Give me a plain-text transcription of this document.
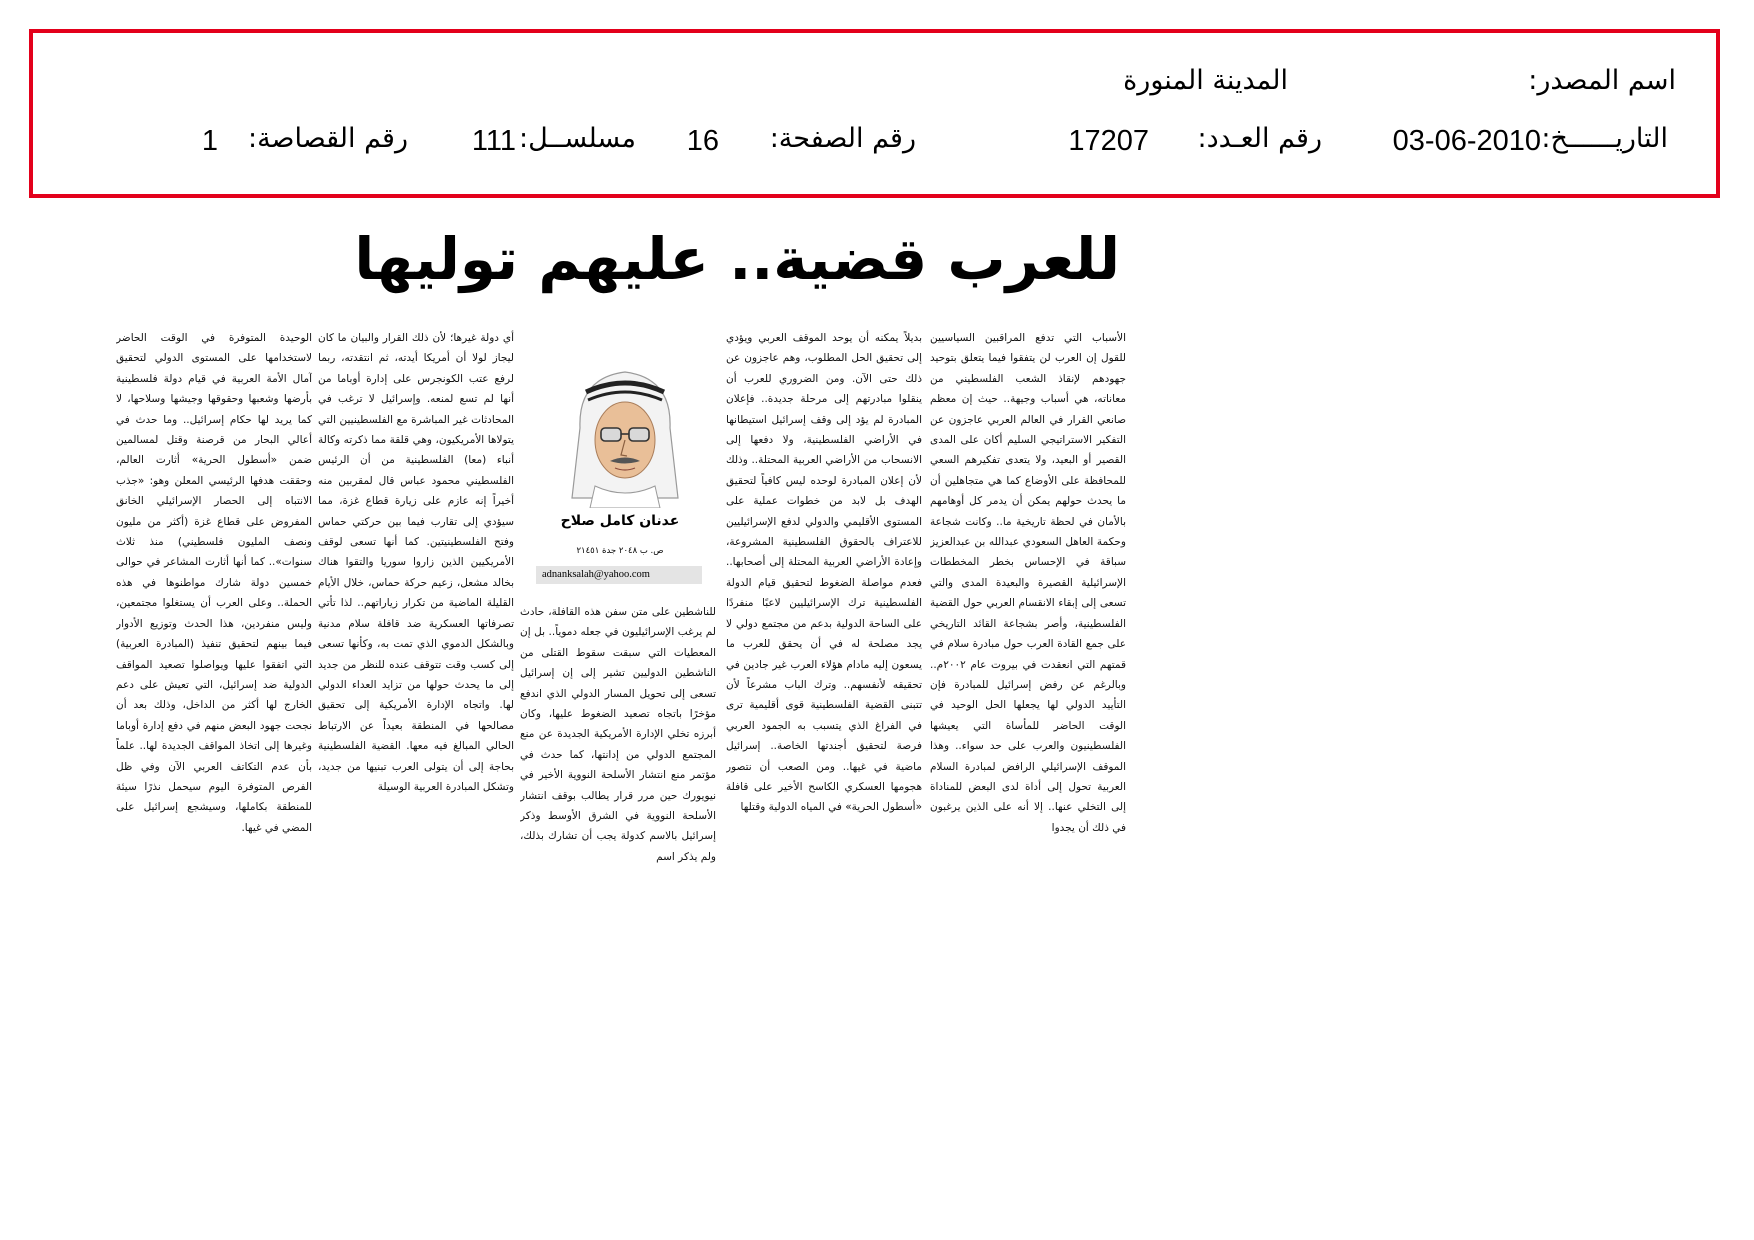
اسم المصدر:
المدينة المنورة
التاريــــــخ:
03-06-2010
رقم العـدد:
17207
رقم الصفحة:
16
مسلســل:
111
رقم القصاصة:
1
للعرب قضية.. عليهم توليها
الأسباب التي تدفع المراقبين السياسيين للقول إن العرب لن يتفقوا فيما يتعلق بتوحيد جهودهم لإنقاذ الشعب الفلسطيني من معاناته، هي أسباب وجيهة.. حيث إن معظم صانعي القرار في العالم العربي عاجزون عن التفكير الاستراتيجي السليم أكان على المدى القصير أو البعيد، ولا يتعدى تفكيرهم السعي للمحافظة على الأوضاع كما هي متجاهلين أن ما يحدث حولهم يمكن أن يدمر كل أوهامهم بالأمان في لحظة تاريخية ما.. وكانت شجاعة وحكمة العاهل السعودي عبدالله بن عبدالعزيز سباقة في الإحساس بخطر المخططات الإسرائيلية القصيرة والبعيدة المدى والتي تسعى إلى إبقاء الانقسام العربي حول القضية الفلسطينية، وأصر بشجاعة القائد التاريخي على جمع القادة العرب حول مبادرة سلام في قمتهم التي انعقدت في بيروت عام ٢٠٠٢م.. وبالرغم عن رفض إسرائيل للمبادرة فإن التأييد الدولي لها يجعلها الحل الوحيد في الوقت الحاضر للمأساة التي يعيشها الفلسطينيون والعرب على حد سواء.. وهذا الموقف الإسرائيلي الرافض لمبادرة السلام العربية تحول إلى أداة لدى البعض للمناداة إلى التخلي عنها.. إلا أنه على الذين يرغبون في ذلك أن يجدوا
بديلاً يمكنه أن يوحد الموقف العربي ويؤدي إلى تحقيق الحل المطلوب، وهم عاجزون عن ذلك حتى الآن. ومن الضروري للعرب أن ينقلوا مبادرتهم إلى مرحلة جديدة.. فإعلان المبادرة لم يؤد إلى وقف إسرائيل استيطانها في الأراضي الفلسطينية، ولا دفعها إلى الانسحاب من الأراضي العربية المحتلة.. وذلك لأن إعلان المبادرة لوحده ليس كافياً لتحقيق الهدف بل لابد من خطوات عملية على المستوى الأقليمي والدولي لدفع الإسرائيليين للاعتراف بالحقوق الفلسطينية المشروعة، وإعادة الأراضي العربية المحتلة إلى أصحابها.. فعدم مواصلة الضغوط لتحقيق قيام الدولة الفلسطينية ترك الإسرائيليين لاعبًا منفردًا على الساحة الدولية بدعم من مجتمع دولي لا يجد مصلحة له في أن يحقق للعرب ما يسعون إليه مادام هؤلاء العرب غير جادين في تحقيقه لأنفسهم.. وترك الباب مشرعاً لأن تتبنى القضية الفلسطينية قوى أقليمية ترى في الفراغ الذي يتسبب به الجمود العربي فرصة لتحقيق أجندتها الخاصة.. إسرائيل ماضية في غيها.. ومن الصعب أن نتصور هجومها العسكري الكاسح الأخير على قافلة «أسطول الحرية» في المياه الدولية وقتلها
عدنان كامل صلاح
ص. ب ٢٠٤٨ جدة ٢١٤٥١
adnanksalah@yahoo.com
للناشطين على متن سفن هذه القافلة، حادث لم يرغب الإسرائيليون في جعله دموياً.. بل إن المعطيات التي سبقت سقوط القتلى من الناشطين الدوليين تشير إلى إن إسرائيل تسعى إلى تحويل المسار الدولي الذي اندفع مؤخرًا باتجاه تصعيد الضغوط عليها، وكان أبرزه تخلي الإدارة الأمريكية الجديدة عن منع المجتمع الدولي من إدانتها، كما حدث في مؤتمر منع انتشار الأسلحة النووية الأخير في نيويورك حين مرر قرار يطالب بوقف انتشار الأسلحة النووية في الشرق الأوسط وذكر إسرائيل بالاسم كدولة يجب أن تشارك بذلك، ولم يذكر اسم
أي دولة غيرها؛ لأن ذلك القرار والبيان ما كان ليجاز لولا أن أمريكا أيدته، ثم انتقدته، ربما لرفع عتب الكونجرس على إدارة أوباما من أنها لم تسع لمنعه. وإسرائيل لا ترغب في المحادثات غير المباشرة مع الفلسطينيين التي يتولاها الأمريكيون، وهي قلقة مما ذكرته وكالة أنباء (معا) الفلسطينية من أن الرئيس الفلسطيني محمود عباس قال لمقربين منه أخيراً إنه عازم على زيارة قطاع غزة، مما سيؤدي إلى تقارب فيما بين حركتي حماس وفتح الفلسطينيتين. كما أنها تسعى لوقف الأمريكيين الذين زاروا سوريا والتقوا هناك بخالد مشعل، زعيم حركة حماس، خلال الأيام القليلة الماضية من تكرار زياراتهم.. لذا تأتي تصرفاتها العسكرية ضد قافلة سلام مدنية وبالشكل الدموي الذي تمت به، وكأنها تسعى إلى كسب وقت تتوقف عنده للنظر من جديد إلى ما يحدث حولها من تزايد العداء الدولي لها. واتجاه الإدارة الأمريكية إلى تحقيق مصالحها في المنطقة بعيداً عن الارتباط الحالي المبالغ فيه معها. القضية الفلسطينية بحاجة إلى أن يتولى العرب تبنيها من جديد، وتشكل المبادرة العربية الوسيلة
الوحيدة المتوفرة في الوقت الحاضر لاستخدامها على المستوى الدولي لتحقيق آمال الأمة العربية في قيام دولة فلسطينية بأرضها وشعبها وحقوقها وجيشها وسلاحها، لا كما يريد لها حكام إسرائيل.. وما حدث في أعالي البحار من قرصنة وقتل لمسالمين ضمن «أسطول الحرية» أثارت العالم، وحققت هدفها الرئيسي المعلن وهو: «جذب الانتباه إلى الحصار الإسرائيلي الخانق المفروض على قطاع غزة (أكثر من مليون ونصف المليون فلسطيني) منذ ثلاث سنوات».. كما أنها أثارت المشاعر في حوالى خمسين دولة شارك مواطنوها في هذه الحملة.. وعلى العرب أن يستغلوا مجتمعين، وليس منفردين، هذا الحدث وتوزيع الأدوار فيما بينهم لتحقيق تنفيذ (المبادرة العربية) التي اتفقوا عليها ويواصلوا تصعيد المواقف الدولية ضد إسرائيل، التي تعيش على دعم الخارج لها أكثر من الداخل، وذلك بعد أن نجحت جهود البعض منهم في دفع إدارة أوباما وغيرها إلى اتخاذ المواقف الجديدة لها.. علماً بأن عدم التكاتف العربي الآن وفي ظل الفرص المتوفرة اليوم سيحمل نذرًا سيئة للمنطقة بكاملها، وسيشجع إسرائيل على المضي في غيها.
